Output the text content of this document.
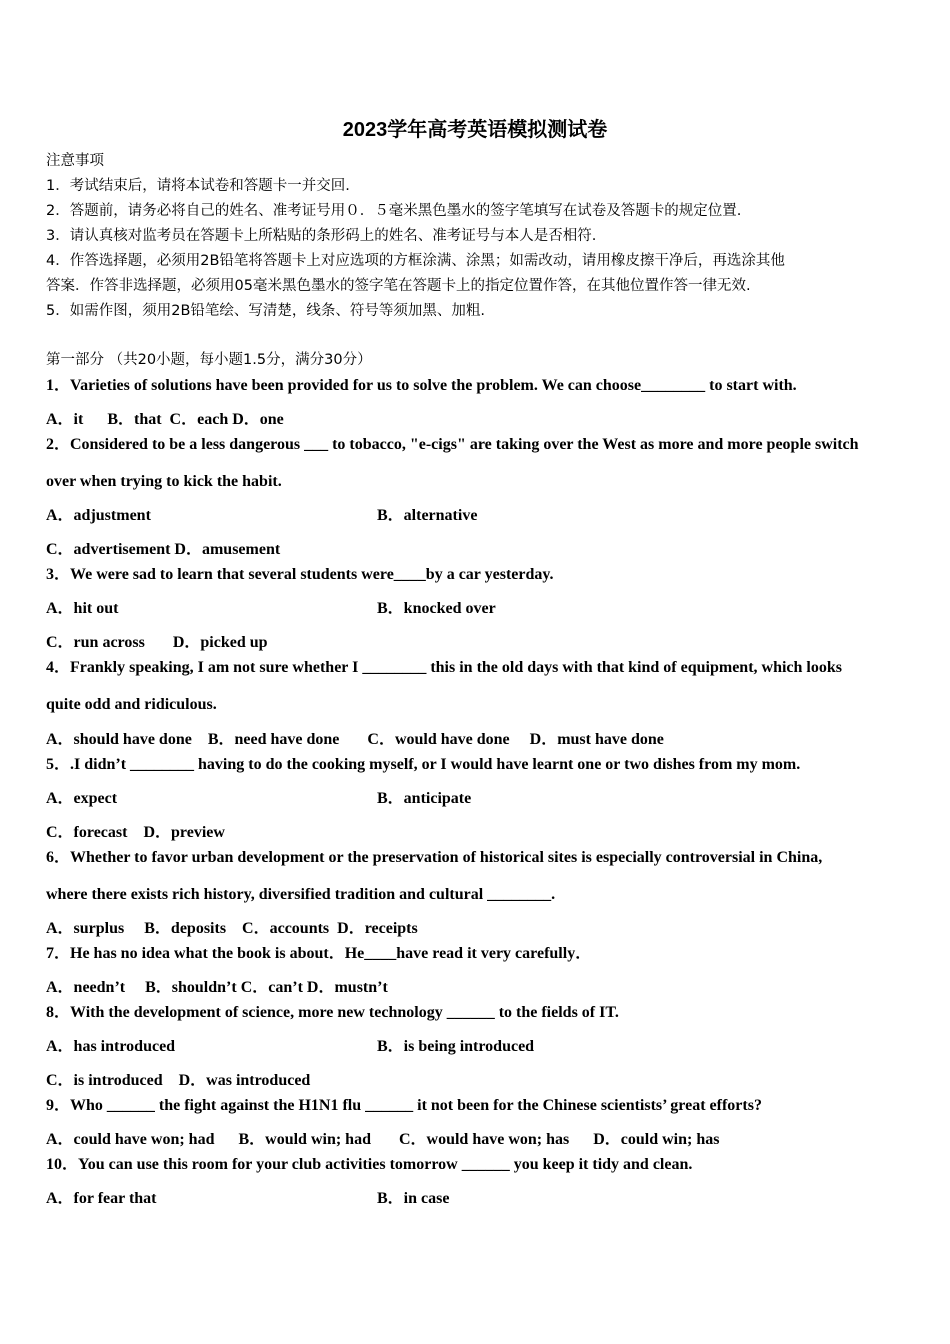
2023学年高考英语模拟测试卷
注意事项
1．考试结束后，请将本试卷和答题卡一并交回.
2．答题前，请务必将自己的姓名、准考证号用０．５毫米黑色墨水的签字笔填写在试卷及答题卡的规定位置.
3．请认真核对监考员在答题卡上所粘贴的条形码上的姓名、准考证号与本人是否相符.
4．作答选择题，必须用2B铅笔将答题卡上对应选项的方框涂满、涂黑；如需改动，请用橡皮擦干净后，再选涂其他
答案．作答非选择题，必须用05毫米黑色墨水的签字笔在答题卡上的指定位置作答，在其他位置作答一律无效.
5．如需作图，须用2B铅笔绘、写清楚，线条、符号等须加黑、加粗.
第一部分 （共20小题，每小题1.5分，满分30分）
1．Varieties of solutions have been provided for us to solve the problem. We can choose________ to start with.
A．it      B．that  C．each D．one
2．Considered to be a less dangerous ___ to tobacco, "e-cigs" are taking over the West as more and more people switch
over when trying to kick the habit.
A．adjustment	B．alternative
C．advertisement D．amusement
3．We were sad to learn that several students were____by a car yesterday.
A．hit out	B．knocked over
C．run across       D．picked up
4．Frankly speaking, I am not sure whether I ________ this in the old days with that kind of equipment, which looks
quite odd and ridiculous.
A．should have done    B．need have done       C．would have done     D．must have done
5．.I didn’t ________ having to do the cooking myself, or I would have learnt one or two dishes from my mom.
A．expect	B．anticipate
C．forecast    D．preview
6．Whether to favor urban development or the preservation of historical sites is especially controversial in China,
where there exists rich history, diversified tradition and cultural ________.
A．surplus     B．deposits    C．accounts  D．receipts
7．He has no idea what the book is about．He____have read it very carefully．
A．needn’t     B．shouldn’t C．can’t D．mustn’t
8．With the development of science, more new technology ______ to the fields of IT.
A．has introduced	B．is being introduced
C．is introduced    D．was introduced
9．Who ______ the fight against the H1N1 flu ______ it not been for the Chinese scientists’ great efforts?
A．could have won; had      B．would win; had       C．would have won; has      D．could win; has
10．You can use this room for your club activities tomorrow ______ you keep it tidy and clean.
A．for fear that	B．in case
